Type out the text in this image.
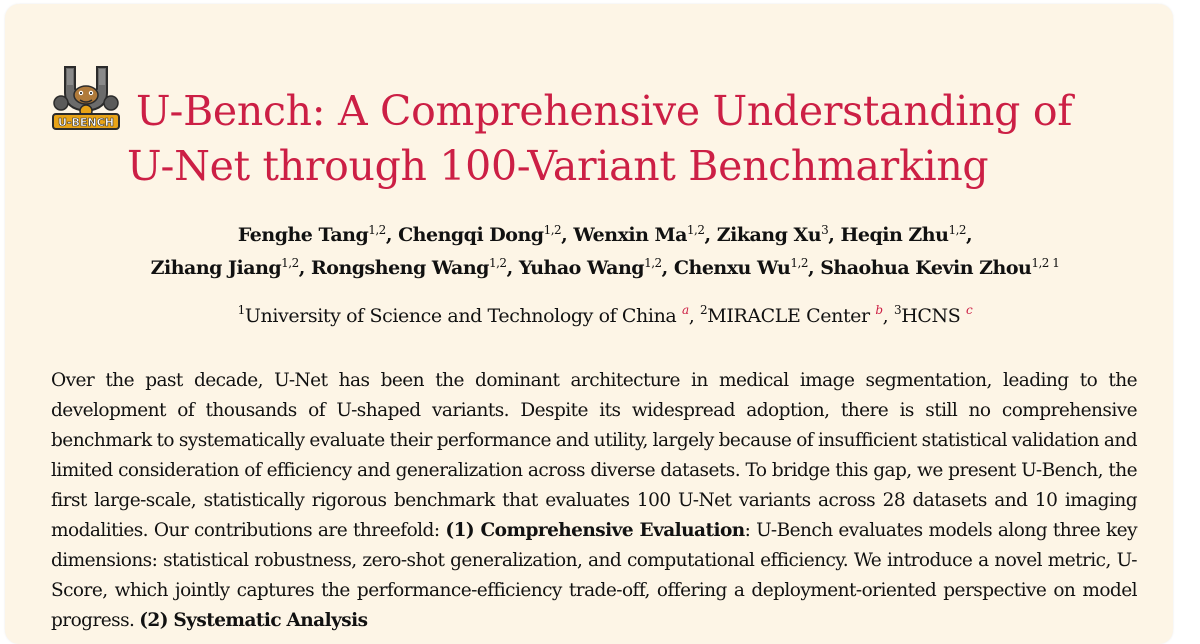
U-BENCH U-Bench: A Comprehensive Understanding of
U-Net through 100-Variant Benchmarking
Fenghe Tang$^{1,2}$, Chengqi Dong$^{1,2}$, Wenxin Ma$^{1,2}$, Zikang Xu$^3$, Heqin Zhu$^{1,2}$,
Zihang Jiang$^{1,2}$, Rongsheng Wang$^{1,2}$, Yuhao Wang$^{1,2}$, Chenxu Wu$^{1,2}$, Shaohua Kevin Zhou$^{1,2 1}$
$^1$University of Science and Technology of China $^a$, $^2$MIRACLE Center $^b$, $^3$HCNS $^c$

Over the past decade, U-Net has been the dominant architecture in medical image segmentation, leading to the development of thousands of U-shaped variants. Despite its widespread adoption, there is still no comprehensive benchmark to systematically evaluate their performance and utility, largely because of insufficient statistical validation and limited consideration of efficiency and generalization across diverse datasets. To bridge this gap, we present U-Bench, the first large-scale, statistically rigorous benchmark that evaluates 100 U-Net variants across 28 datasets and 10 imaging modalities. Our contributions are threefold: (1) Comprehensive Evaluation: U-Bench evaluates models along three key dimensions: statistical robustness, zero-shot generalization, and computational efficiency. We introduce a novel metric, U-Score, which jointly captures the performance-efficiency trade-off, offering a deployment-oriented perspective on model progress. (2) Systematic Analysis
